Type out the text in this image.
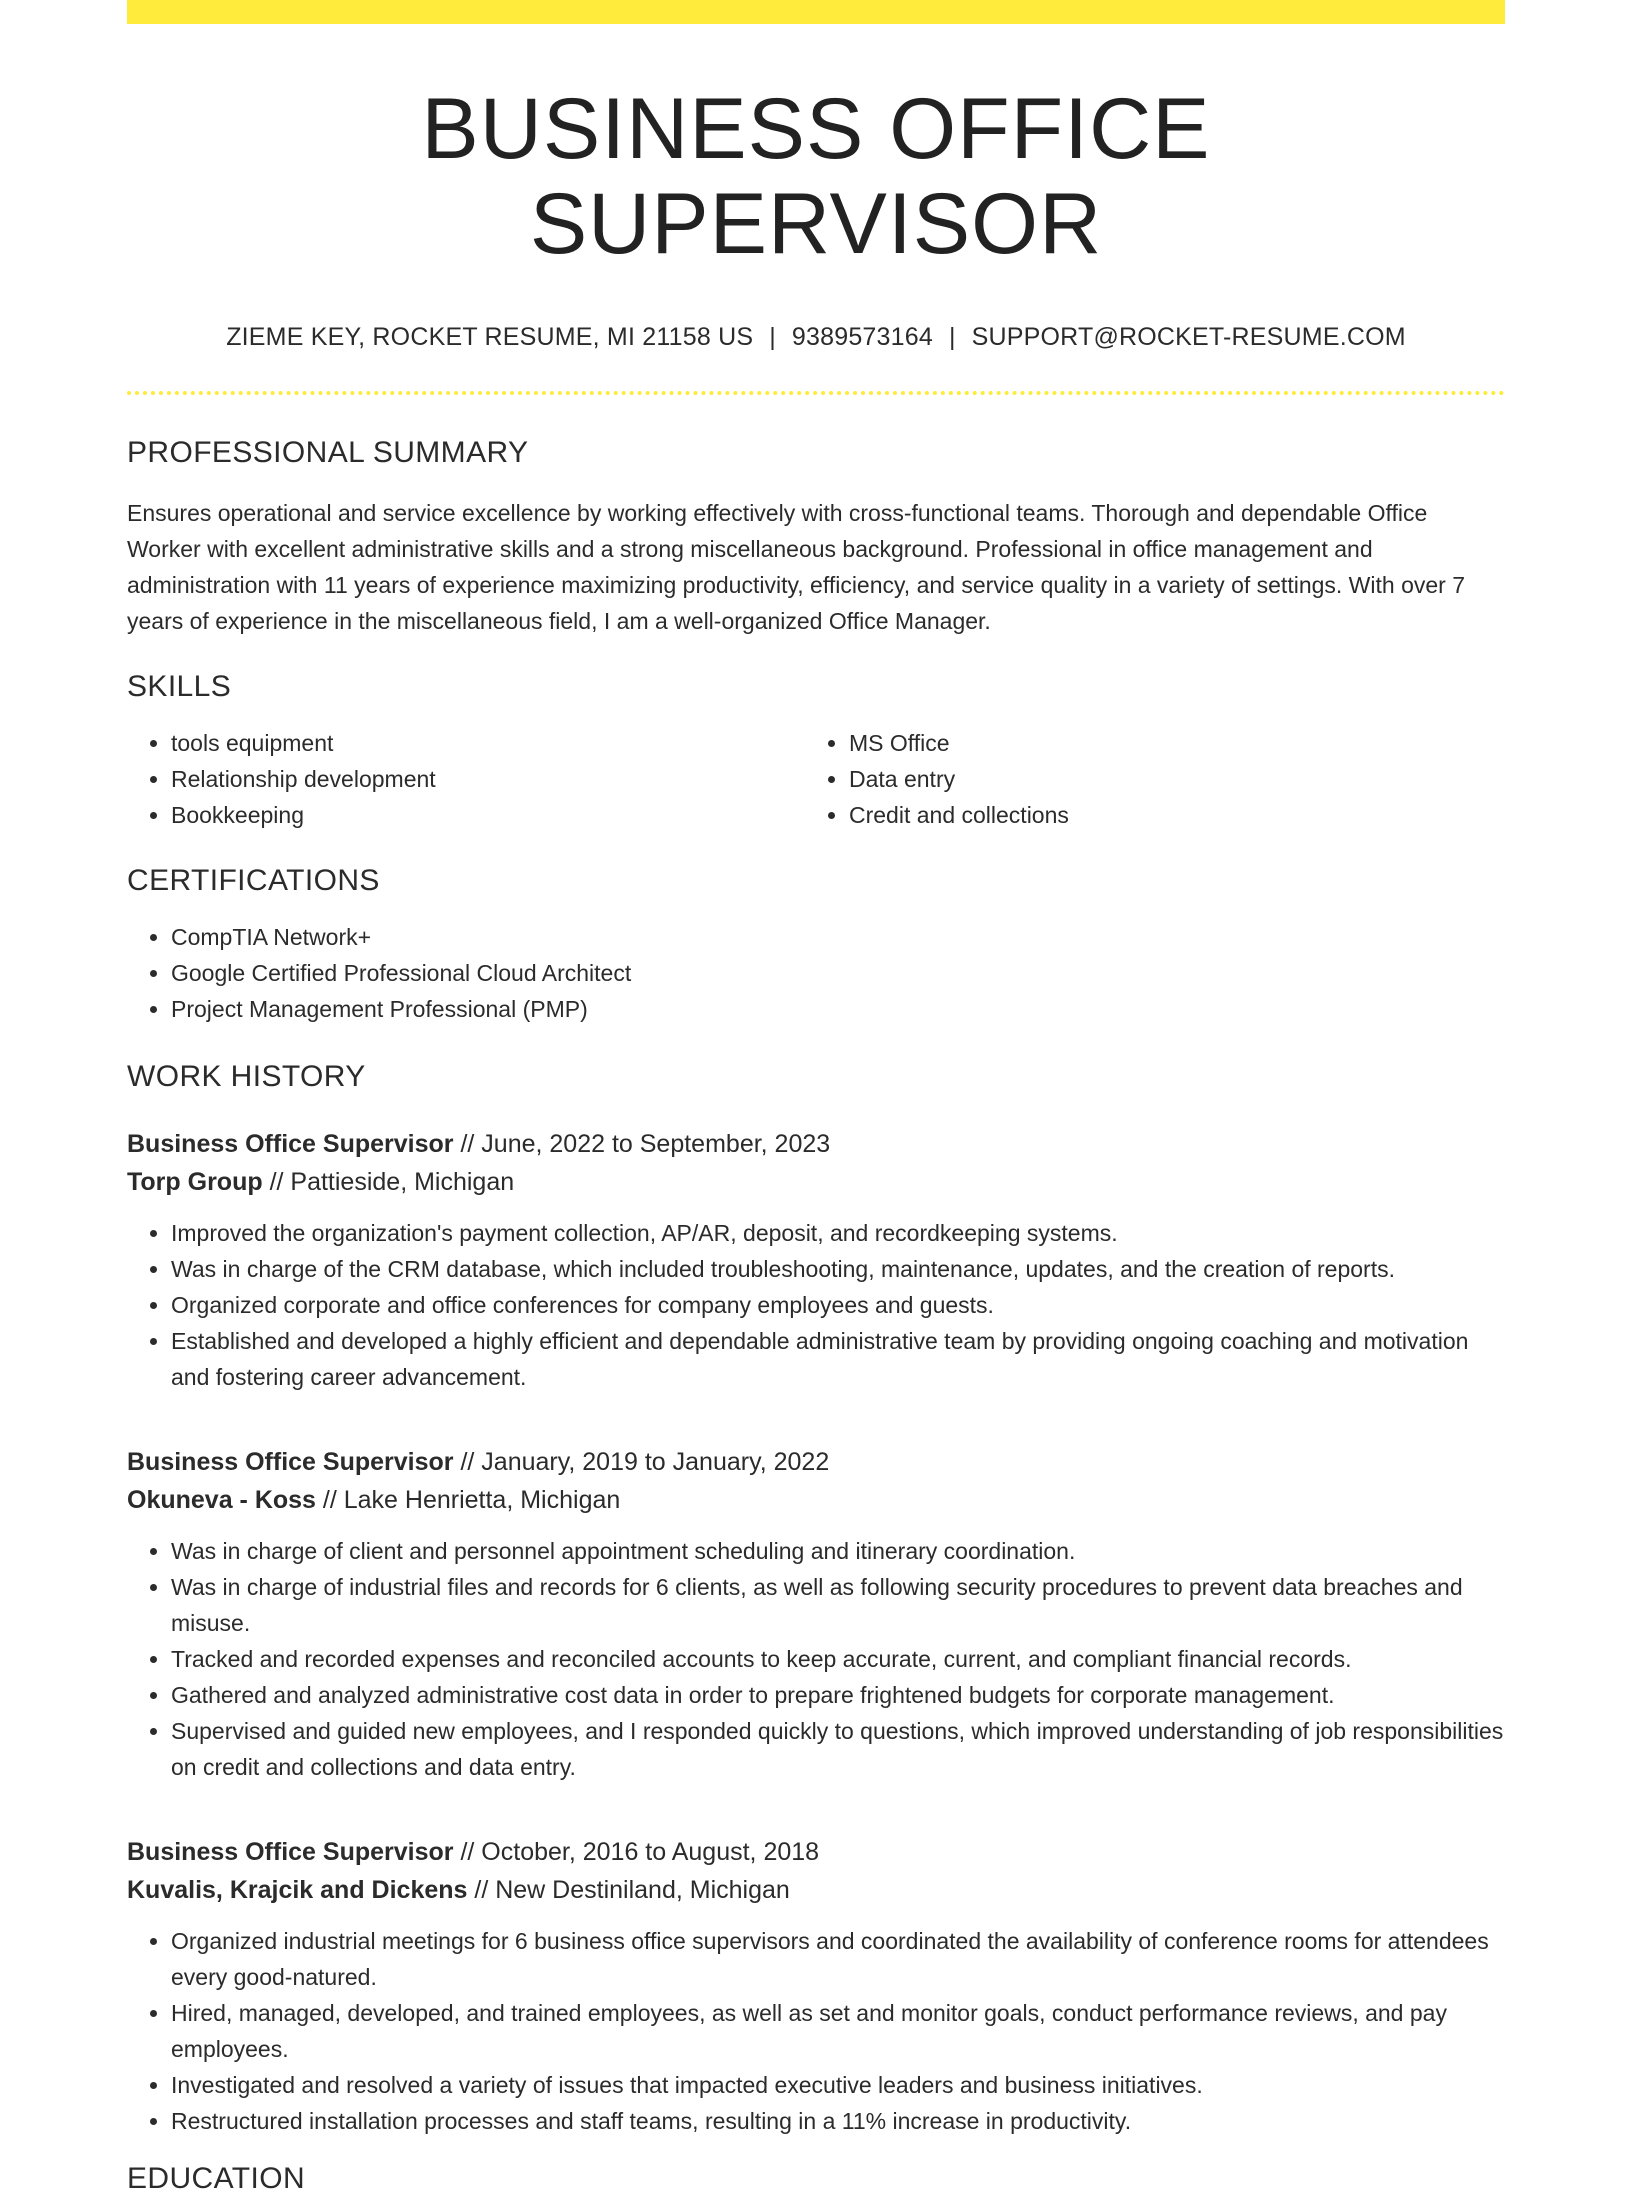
BUSINESS OFFICE SUPERVISOR
ZIEME KEY, ROCKET RESUME, MI 21158 US | 9389573164 | SUPPORT@ROCKET-RESUME.COM
PROFESSIONAL SUMMARY
Ensures operational and service excellence by working effectively with cross-functional teams. Thorough and dependable Office Worker with excellent administrative skills and a strong miscellaneous background. Professional in office management and administration with 11 years of experience maximizing productivity, efficiency, and service quality in a variety of settings. With over 7 years of experience in the miscellaneous field, I am a well-organized Office Manager.
SKILLS
• tools equipment
• Relationship development
• Bookkeeping
• MS Office
• Data entry
• Credit and collections
CERTIFICATIONS
• CompTIA Network+
• Google Certified Professional Cloud Architect
• Project Management Professional (PMP)
WORK HISTORY
Business Office Supervisor // June, 2022 to September, 2023
Torp Group // Pattieside, Michigan
• Improved the organization's payment collection, AP/AR, deposit, and recordkeeping systems.
• Was in charge of the CRM database, which included troubleshooting, maintenance, updates, and the creation of reports.
• Organized corporate and office conferences for company employees and guests.
• Established and developed a highly efficient and dependable administrative team by providing ongoing coaching and motivation and fostering career advancement.
Business Office Supervisor // January, 2019 to January, 2022
Okuneva - Koss // Lake Henrietta, Michigan
• Was in charge of client and personnel appointment scheduling and itinerary coordination.
• Was in charge of industrial files and records for 6 clients, as well as following security procedures to prevent data breaches and misuse.
• Tracked and recorded expenses and reconciled accounts to keep accurate, current, and compliant financial records.
• Gathered and analyzed administrative cost data in order to prepare frightened budgets for corporate management.
• Supervised and guided new employees, and I responded quickly to questions, which improved understanding of job responsibilities on credit and collections and data entry.
Business Office Supervisor // October, 2016 to August, 2018
Kuvalis, Krajcik and Dickens // New Destiniland, Michigan
• Organized industrial meetings for 6 business office supervisors and coordinated the availability of conference rooms for attendees every good-natured.
• Hired, managed, developed, and trained employees, as well as set and monitor goals, conduct performance reviews, and pay employees.
• Investigated and resolved a variety of issues that impacted executive leaders and business initiatives.
• Restructured installation processes and staff teams, resulting in a 11% increase in productivity.
EDUCATION
